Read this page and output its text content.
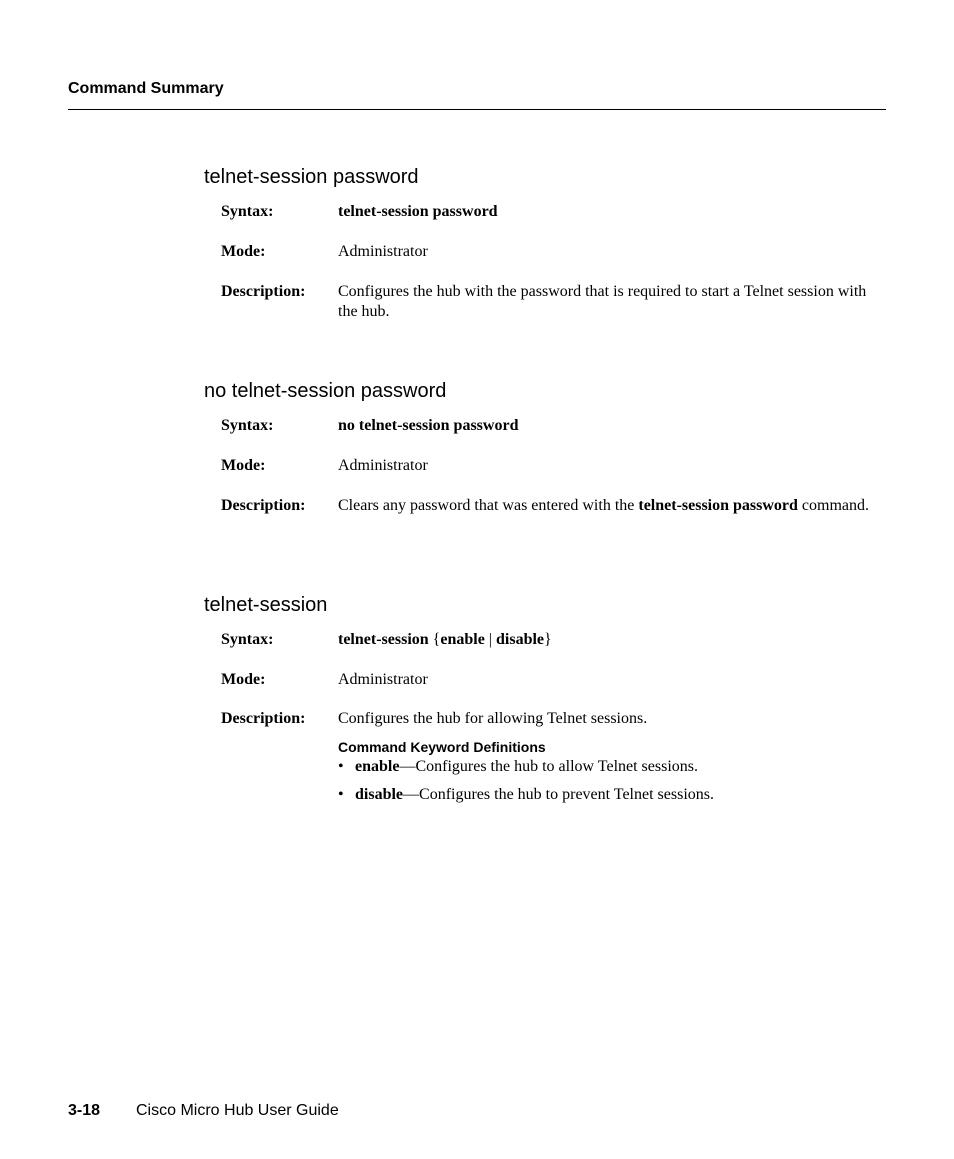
Command Summary
telnet-session password
Syntax:	telnet-session password
Mode:	Administrator
Description: Configures the hub with the password that is required to start a Telnet session with the hub.
no telnet-session password
Syntax:	no telnet-session password
Mode:	Administrator
Description: Clears any password that was entered with the telnet-session password command.
telnet-session
Syntax:	telnet-session {enable | disable}
Mode:	Administrator
Description: Configures the hub for allowing Telnet sessions.
Command Keyword Definitions
• enable—Configures the hub to allow Telnet sessions.
• disable—Configures the hub to prevent Telnet sessions.
3-18 Cisco Micro Hub User Guide
